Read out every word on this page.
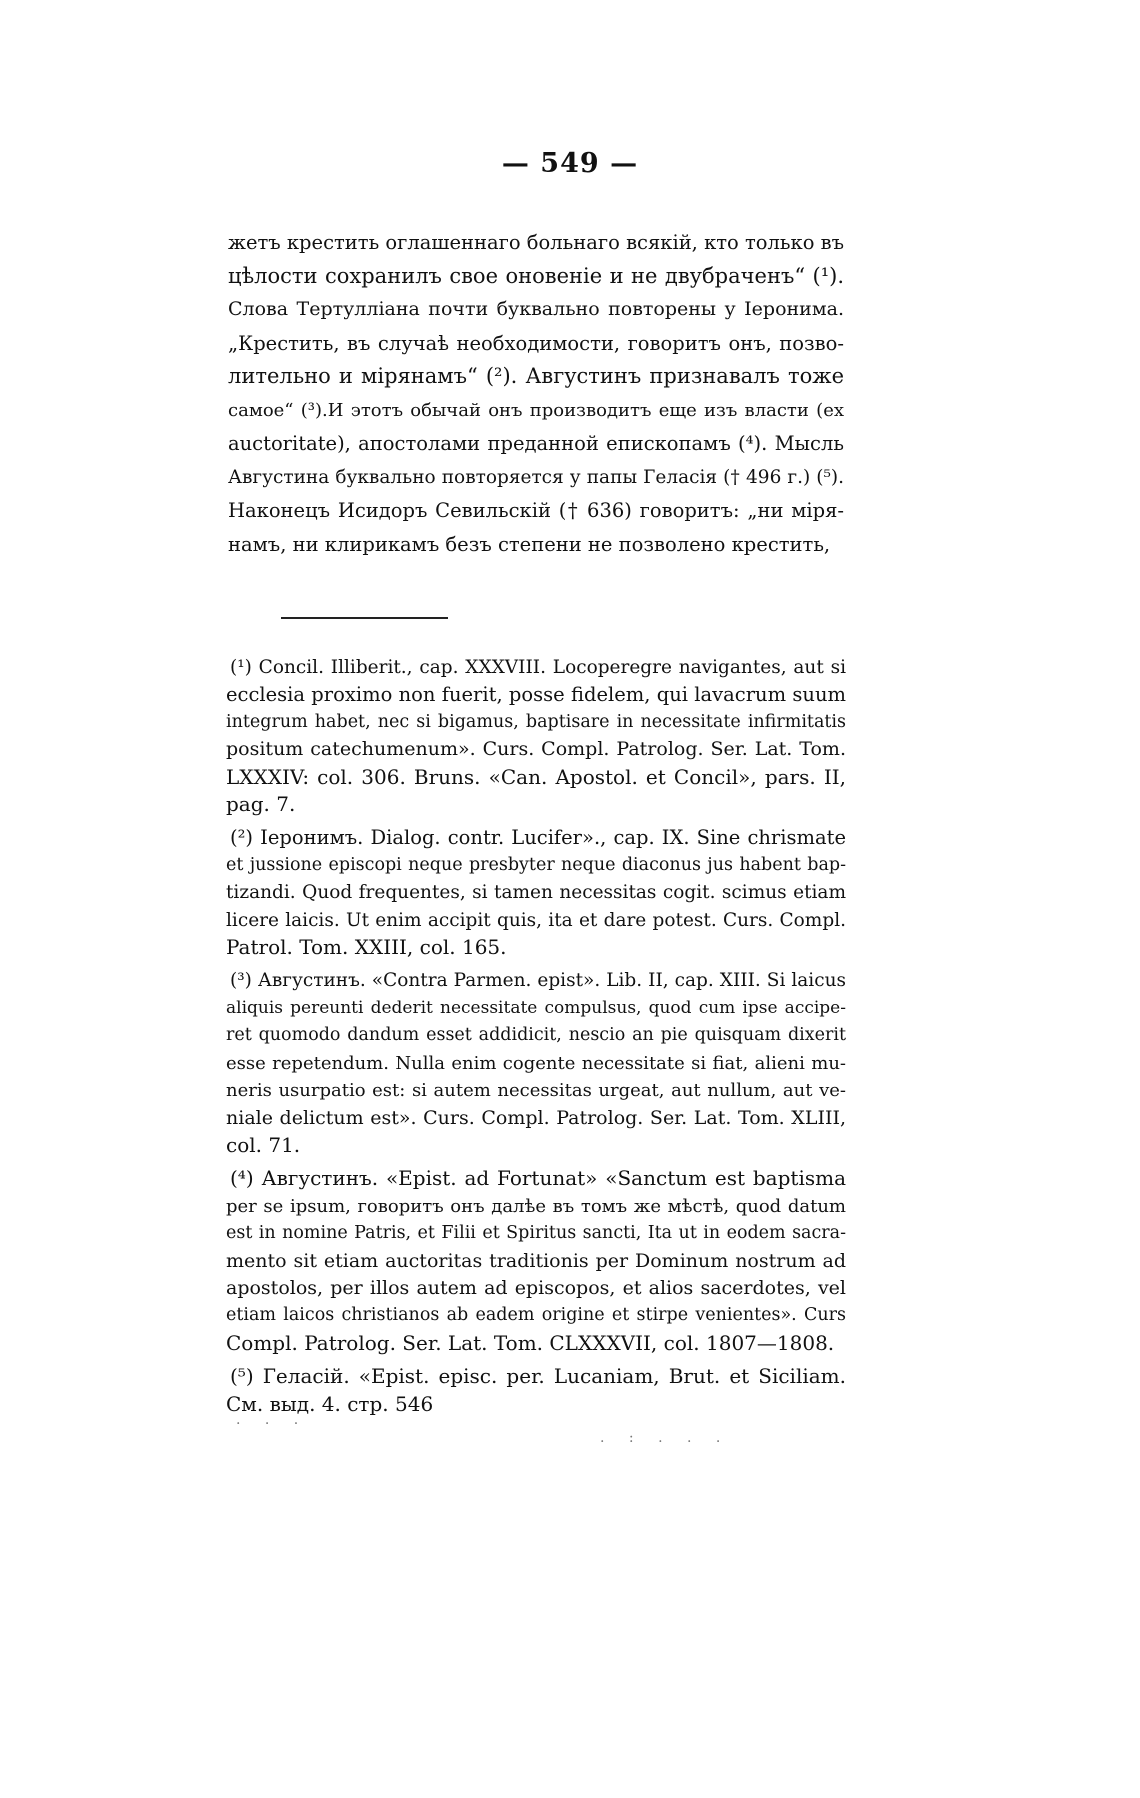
— 549 —
жетъ крестить оглашеннаго больнаго всякій, кто только въ
цѣлости сохранилъ свое оновеніе и не двубраченъ“ (¹).
Слова Тертулліана почти буквально повторены у Іеронима.
„Крестить, въ случаѣ необходимости, говоритъ онъ, позво-
лительно и мірянамъ“ (²). Августинъ признавалъ тоже
самое“ (³).И этотъ обычай онъ производитъ еще изъ власти (ex
auctoritate), апостолами преданной епископамъ (⁴). Мысль
Августина буквально повторяется у папы Гелaсія († 496 г.) (⁵).
Наконецъ Исидоръ Севильскій († 636) говоритъ: „ни міря-
намъ, ни клирикамъ безъ степени не позволено крестить,
(¹) Concil. Illiberit., cap. XXXVIII. Locoperegre navigantes, aut si
ecclesia proximo non fuerit, posse fidelem, qui lavacrum suum
integrum habet, nec si bigamus, baptisare in necessitate infirmitatis
positum catechumenum». Curs. Compl. Patrolog. Ser. Lat. Tom.
LXXXIV: col. 306. Bruns. «Can. Apostol. et Concil», pars. II,
pag. 7.
(²) Іеронимъ. Dialog. contr. Lucifer»., cap. IX. Sine chrismate
et jussione episcopi neque presbyter neque diaconus jus habent bap-
tizandi. Quod frequentes, si tamen necessitas cogit. scimus etiam
licere laicis. Ut enim accipit quis, ita et dare potest. Curs. Compl.
Patrol. Tom. XXIII, col. 165.
(³) Августинъ. «Contra Parmen. epist». Lib. II, cap. XIII. Si laicus
aliquis perеunti dederit necessitate compulsus, quod cum ipse accipe-
ret quomodo dandum esset addidicit, nescio an pie quisquam dixerit
esse repetendum. Nulla enim cogente necessitate si fiat, alieni mu-
neris usurpatio est: si autem necessitas urgeat, aut nullum, aut ve-
niale delictum est». Curs. Compl. Patrolog. Ser. Lat. Tom. XLIII,
col. 71.
(⁴) Августинъ. «Epist. ad Fortunat» «Sanctum est baptisma
per se ipsum, говоритъ онъ далѣе въ томъ же мѣстѣ, quod datum
est in nomine Patris, et Filii et Spiritus sancti, Ita ut in eodem sacra-
mento sit etiam auctoritas traditionis per Dominum nostrum ad
apostolos, per illos autem ad episcopos, et alios sacerdotes, vel
etiam laicos christianos ab eadem origine et stirpe venientes». Curs
Compl. Patrolog. Ser. Lat. Tom. CLXXXVII, col. 1807—1808.
(⁵) Гелaсій. «Epist. episc. per. Lucaniam, Brut. et Siciliam.
См. выд. 4. стр. 546
. . .
. : . . .
